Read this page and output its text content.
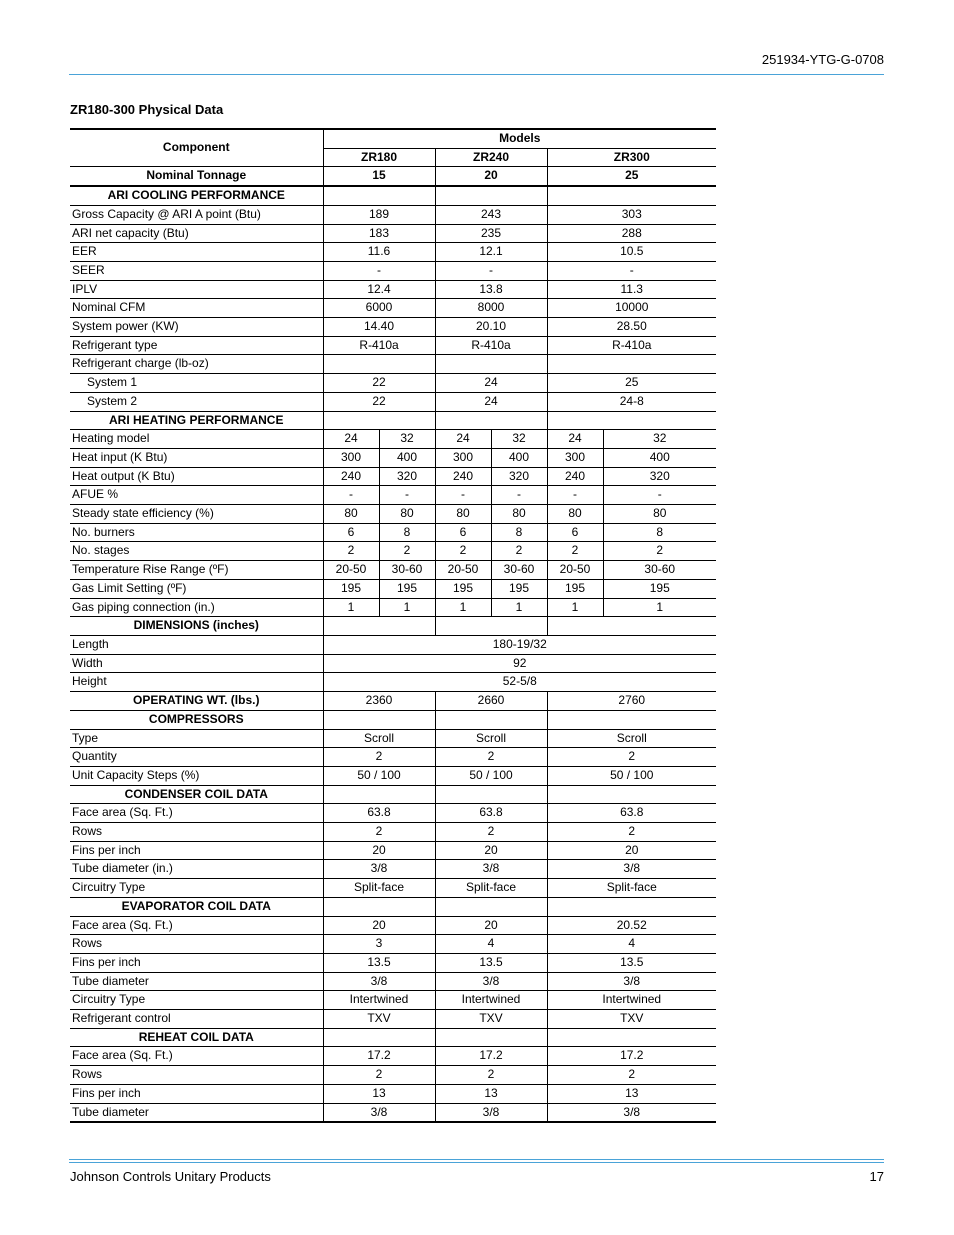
251934-YTG-G-0708
ZR180-300 Physical Data
Component	Models					
	ZR180		ZR240		ZR300	
Nominal Tonnage	15		20		25	
ARI COOLING PERFORMANCE						
Gross Capacity @ ARI A point (Btu)	189		243		303	
ARI net capacity (Btu)	183		235		288	
EER	11.6		12.1		10.5	
SEER	-		-		-	
IPLV	12.4		13.8		11.3	
Nominal CFM	6000		8000		10000	
System power (KW)	14.40		20.10		28.50	
Refrigerant type	R-410a		R-410a		R-410a	
Refrigerant charge (lb-oz)						
System 1	22		24		25	
System 2	22		24		24-8	
ARI HEATING PERFORMANCE						
Heating model	24	32	24	32	24	32
Heat input (K Btu)	300	400	300	400	300	400
Heat output (K Btu)	240	320	240	320	240	320
AFUE %	-	-	-	-	-	-
Steady state efficiency (%)	80	80	80	80	80	80
No. burners	6	8	6	8	6	8
No. stages	2	2	2	2	2	2
Temperature Rise Range (ºF)	20-50	30-60	20-50	30-60	20-50	30-60
Gas Limit Setting (ºF)	195	195	195	195	195	195
Gas piping connection (in.)	1	1	1	1	1	1
DIMENSIONS (inches)						
Length	180-19/32					
Width	92					
Height	52-5/8					
OPERATING WT. (lbs.)	2360		2660		2760	
COMPRESSORS						
Type	Scroll		Scroll		Scroll	
Quantity	2		2		2	
Unit Capacity Steps (%)	50 / 100		50 / 100		50 / 100	
CONDENSER COIL DATA						
Face area (Sq. Ft.)	63.8		63.8		63.8	
Rows	2		2		2	
Fins per inch	20		20		20	
Tube diameter (in.)	3/8		3/8		3/8	
Circuitry Type	Split-face		Split-face		Split-face	
EVAPORATOR COIL DATA						
Face area (Sq. Ft.)	20		20		20.52	
Rows	3		4		4	
Fins per inch	13.5		13.5		13.5	
Tube diameter	3/8		3/8		3/8	
Circuitry Type	Intertwined		Intertwined		Intertwined	
Refrigerant control	TXV		TXV		TXV	
REHEAT COIL DATA						
Face area (Sq. Ft.)	17.2		17.2		17.2	
Rows	2		2		2	
Fins per inch	13		13		13	
Tube diameter	3/8		3/8		3/8	
Johnson Controls Unitary Products	17
